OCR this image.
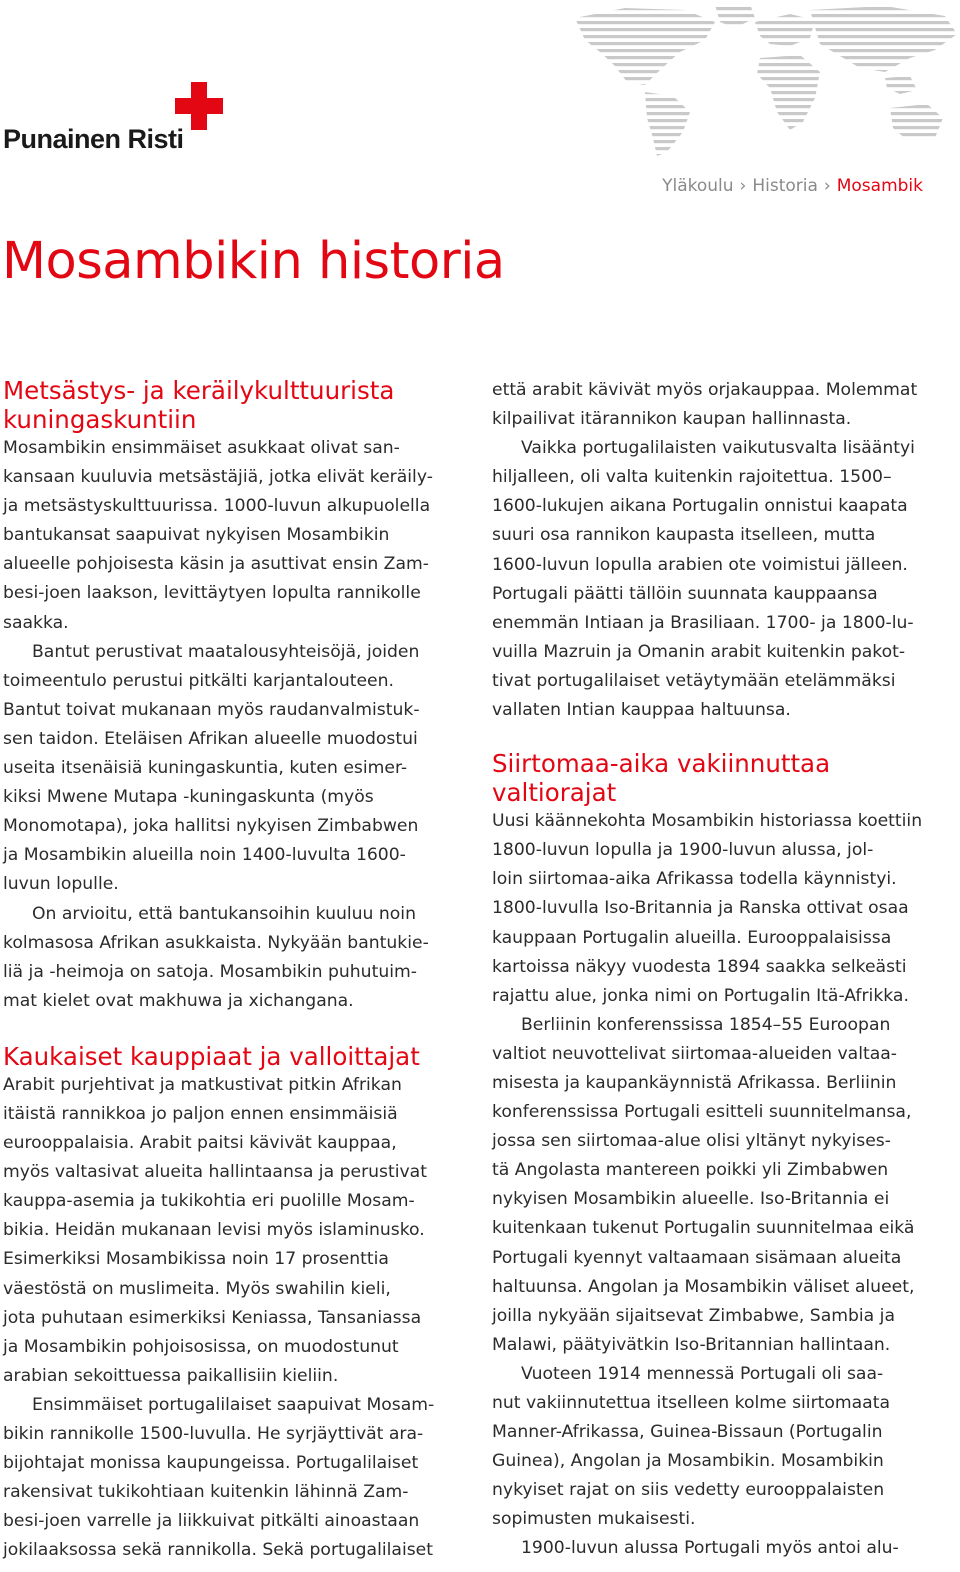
Punainen Risti
Yläkoulu › Historia › Mosambik
Mosambikin historia
Metsästys- ja keräilykulttuurista
kuningaskuntiin
Mosambikin ensimmäiset asukkaat olivat san-
kansaan kuuluvia metsästäjiä, jotka elivät keräily-
ja metsästyskulttuurissa. 1000-luvun alkupuolella
bantukansat saapuivat nykyisen Mosambikin
alueelle pohjoisesta käsin ja asuttivat ensin Zam-
besi-joen laakson, levittäytyen lopulta rannikolle
saakka.
Bantut perustivat maatalousyhteisöjä, joiden
toimeentulo perustui pitkälti karjantalouteen.
Bantut toivat mukanaan myös raudanvalmistuk-
sen taidon. Eteläisen Afrikan alueelle muodostui
useita itsenäisiä kuningaskuntia, kuten esimer-
kiksi Mwene Mutapa -kuningaskunta (myös
Monomotapa), joka hallitsi nykyisen Zimbabwen
ja Mosambikin alueilla noin 1400-luvulta 1600-
luvun lopulle.
On arvioitu, että bantukansoihin kuuluu noin
kolmasosa Afrikan asukkaista. Nykyään bantukie-
liä ja -heimoja on satoja. Mosambikin puhutuim-
mat kielet ovat makhuwa ja xichangana.
Kaukaiset kauppiaat ja valloittajat
Arabit purjehtivat ja matkustivat pitkin Afrikan
itäistä rannikkoa jo paljon ennen ensimmäisiä
eurooppalaisia. Arabit paitsi kävivät kauppaa,
myös valtasivat alueita hallintaansa ja perustivat
kauppa-asemia ja tukikohtia eri puolille Mosam-
bikia. Heidän mukanaan levisi myös islaminusko.
Esimerkiksi Mosambikissa noin 17 prosenttia
väestöstä on muslimeita. Myös swahilin kieli,
jota puhutaan esimerkiksi Keniassa, Tansaniassa
ja Mosambikin pohjoisosissa, on muodostunut
arabian sekoittuessa paikallisiin kieliin.
Ensimmäiset portugalilaiset saapuivat Mosam-
bikin rannikolle 1500-luvulla. He syrjäyttivät ara-
bijohtajat monissa kaupungeissa. Portugalilaiset
rakensivat tukikohtiaan kuitenkin lähinnä Zam-
besi-joen varrelle ja liikkuivat pitkälti ainoastaan
jokilaaksossa sekä rannikolla. Sekä portugalilaiset
että arabit kävivät myös orjakauppaa. Molemmat
kilpailivat itärannikon kaupan hallinnasta.
Vaikka portugalilaisten vaikutusvalta lisääntyi
hiljalleen, oli valta kuitenkin rajoitettua. 1500–
1600-lukujen aikana Portugalin onnistui kaapata
suuri osa rannikon kaupasta itselleen, mutta
1600-luvun lopulla arabien ote voimistui jälleen.
Portugali päätti tällöin suunnata kauppaansa
enemmän Intiaan ja Brasiliaan. 1700- ja 1800-lu-
vuilla Mazruin ja Omanin arabit kuitenkin pakot-
tivat portugalilaiset vetäytymään etelämmäksi
vallaten Intian kauppaa haltuunsa.
Siirtomaa-aika vakiinnuttaa
valtiorajat
Uusi käännekohta Mosambikin historiassa koettiin
1800-luvun lopulla ja 1900-luvun alussa, jol-
loin siirtomaa-aika Afrikassa todella käynnistyi.
1800-luvulla Iso-Britannia ja Ranska ottivat osaa
kauppaan Portugalin alueilla. Eurooppalaisissa
kartoissa näkyy vuodesta 1894 saakka selkeästi
rajattu alue, jonka nimi on Portugalin Itä-Afrikka.
Berliinin konferenssissa 1854–55 Euroopan
valtiot neuvottelivat siirtomaa-alueiden valtaa-
misesta ja kaupankäynnistä Afrikassa. Berliinin
konferenssissa Portugali esitteli suunnitelmansa,
jossa sen siirtomaa-alue olisi yltänyt nykyises-
tä Angolasta mantereen poikki yli Zimbabwen
nykyisen Mosambikin alueelle. Iso-Britannia ei
kuitenkaan tukenut Portugalin suunnitelmaa eikä
Portugali kyennyt valtaamaan sisämaan alueita
haltuunsa. Angolan ja Mosambikin väliset alueet,
joilla nykyään sijaitsevat Zimbabwe, Sambia ja
Malawi, päätyivätkin Iso-Britannian hallintaan.
Vuoteen 1914 mennessä Portugali oli saa-
nut vakiinnutettua itselleen kolme siirtomaata
Manner-Afrikassa, Guinea-Bissaun (Portugalin
Guinea), Angolan ja Mosambikin. Mosambikin
nykyiset rajat on siis vedetty eurooppalaisten
sopimusten mukaisesti.
1900-luvun alussa Portugali myös antoi alu-
